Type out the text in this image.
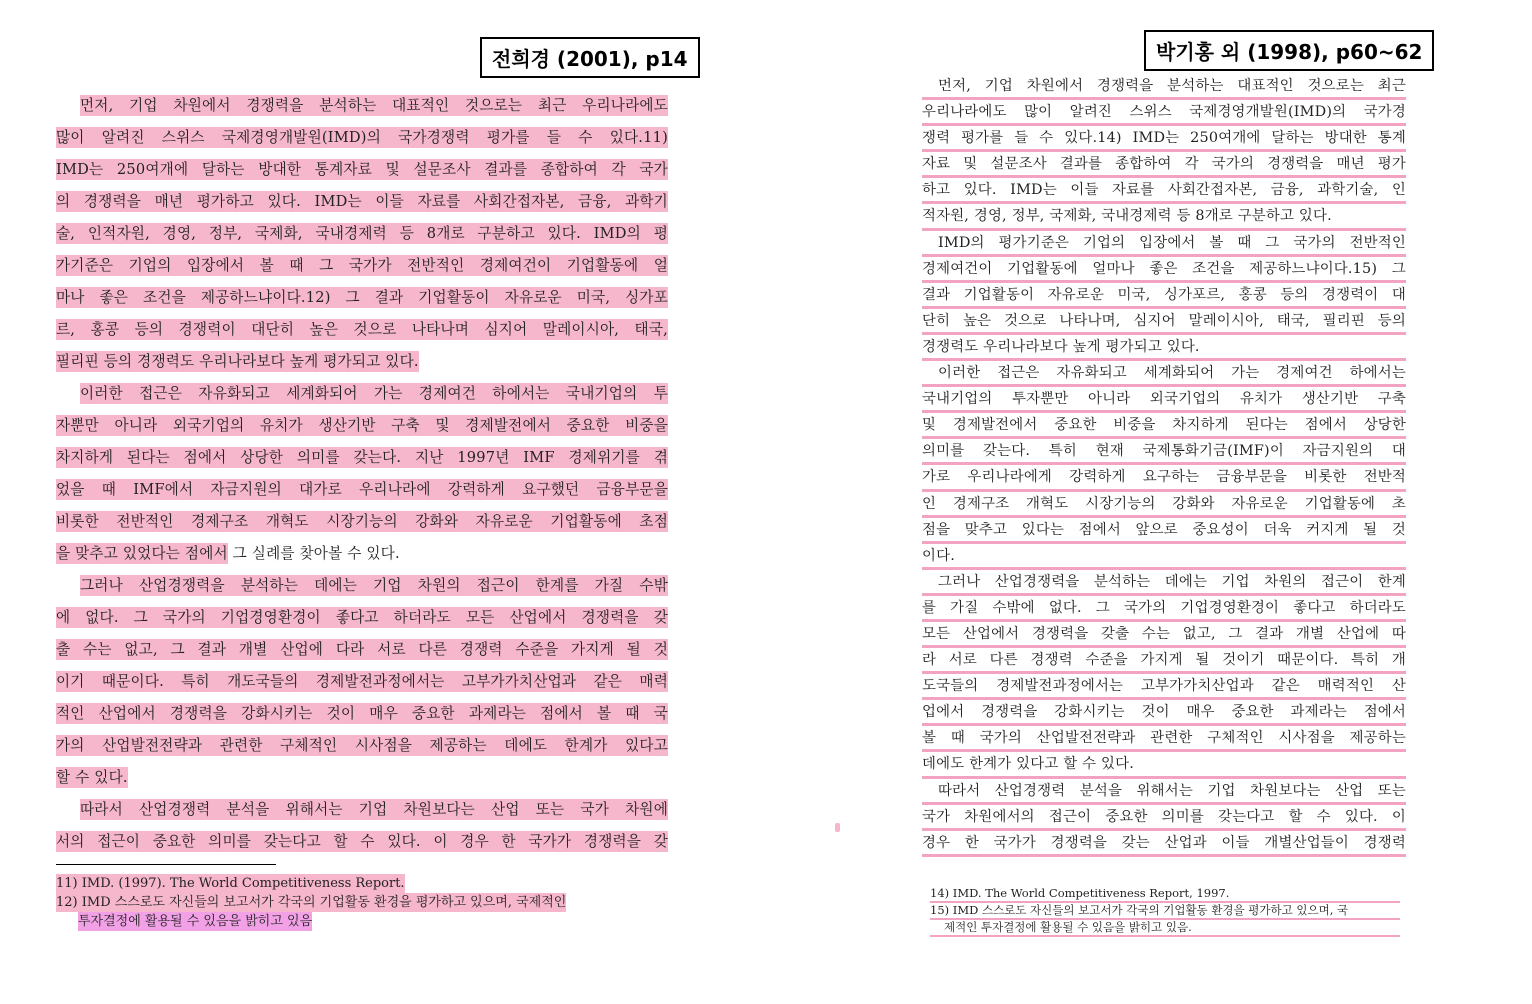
전희경 (2001), p14	박기홍 외 (1998), p60~62
먼저, 기업 차원에서 경쟁력을 분석하는 대표적인 것으로는 최근 우리나라에도
많이 알려진 스위스 국제경영개발원(IMD)의 국가경쟁력 평가를 들 수 있다.11)
IMD는 250여개에 달하는 방대한 통계자료 및 설문조사 결과를 종합하여 각 국가
의 경쟁력을 매년 평가하고 있다. IMD는 이들 자료를 사회간접자본, 금융, 과학기
술, 인적자원, 경영, 정부, 국제화, 국내경제력 등 8개로 구분하고 있다. IMD의 평
가기준은 기업의 입장에서 볼 때 그 국가가 전반적인 경제여건이 기업활동에 얼
마나 좋은 조건을 제공하느냐이다.12) 그 결과 기업활동이 자유로운 미국, 싱가포
르, 홍콩 등의 경쟁력이 대단히 높은 것으로 나타나며 심지어 말레이시아, 태국,
필리핀 등의 경쟁력도 우리나라보다 높게 평가되고 있다.
이러한 접근은 자유화되고 세계화되어 가는 경제여건 하에서는 국내기업의 투
자뿐만 아니라 외국기업의 유치가 생산기반 구축 및 경제발전에서 중요한 비중을
차지하게 된다는 점에서 상당한 의미를 갖는다. 지난 1997년 IMF 경제위기를 겪
었을 때 IMF에서 자금지원의 대가로 우리나라에 강력하게 요구했던 금융부문을
비롯한 전반적인 경제구조 개혁도 시장기능의 강화와 자유로운 기업활동에 초점
을 맞추고 있었다는 점에서 그 실례를 찾아볼 수 있다.
그러나 산업경쟁력을 분석하는 데에는 기업 차원의 접근이 한계를 가질 수밖
에 없다. 그 국가의 기업경영환경이 좋다고 하더라도 모든 산업에서 경쟁력을 갖
출 수는 없고, 그 결과 개별 산업에 다라 서로 다른 경쟁력 수준을 가지게 될 것
이기 때문이다. 특히 개도국들의 경제발전과정에서는 고부가가치산업과 같은 매력
적인 산업에서 경쟁력을 강화시키는 것이 매우 중요한 과제라는 점에서 볼 때 국
가의 산업발전전략과 관련한 구체적인 시사점을 제공하는 데에도 한계가 있다고
할 수 있다.
따라서 산업경쟁력 분석을 위해서는 기업 차원보다는 산업 또는 국가 차원에
서의 접근이 중요한 의미를 갖는다고 할 수 있다. 이 경우 한 국가가 경쟁력을 갖
11) IMD. (1997). The World Competitiveness Report.
12) IMD 스스로도 자신들의 보고서가 각국의 기업활동 환경을 평가하고 있으며, 국제적인
투자결정에 활용될 수 있음을 밝히고 있음
먼저, 기업 차원에서 경쟁력을 분석하는 대표적인 것으로는 최근
우리나라에도 많이 알려진 스위스 국제경영개발원(IMD)의 국가경
쟁력 평가를 들 수 있다.14) IMD는 250여개에 달하는 방대한 통계
자료 및 설문조사 결과를 종합하여 각 국가의 경쟁력을 매년 평가
하고 있다. IMD는 이들 자료를 사회간접자본, 금융, 과학기술, 인
적자원, 경영, 정부, 국제화, 국내경제력 등 8개로 구분하고 있다.
IMD의 평가기준은 기업의 입장에서 볼 때 그 국가의 전반적인
경제여건이 기업활동에 얼마나 좋은 조건을 제공하느냐이다.15) 그
결과 기업활동이 자유로운 미국, 싱가포르, 홍콩 등의 경쟁력이 대
단히 높은 것으로 나타나며, 심지어 말레이시아, 태국, 필리핀 등의
경쟁력도 우리나라보다 높게 평가되고 있다.
이러한 접근은 자유화되고 세계화되어 가는 경제여건 하에서는
국내기업의 투자뿐만 아니라 외국기업의 유치가 생산기반 구축
및 경제발전에서 중요한 비중을 차지하게 된다는 점에서 상당한
의미를 갖는다. 특히 현재 국제통화기금(IMF)이 자금지원의 대
가로 우리나라에게 강력하게 요구하는 금융부문을 비롯한 전반적
인 경제구조 개혁도 시장기능의 강화와 자유로운 기업활동에 초
점을 맞추고 있다는 점에서 앞으로 중요성이 더욱 커지게 될 것
이다.
그러나 산업경쟁력을 분석하는 데에는 기업 차원의 접근이 한계
를 가질 수밖에 없다. 그 국가의 기업경영환경이 좋다고 하더라도
모든 산업에서 경쟁력을 갖출 수는 없고, 그 결과 개별 산업에 따
라 서로 다른 경쟁력 수준을 가지게 될 것이기 때문이다. 특히 개
도국들의 경제발전과정에서는 고부가가치산업과 같은 매력적인 산
업에서 경쟁력을 강화시키는 것이 매우 중요한 과제라는 점에서
볼 때 국가의 산업발전전략과 관련한 구체적인 시사점을 제공하는
데에도 한계가 있다고 할 수 있다.
따라서 산업경쟁력 분석을 위해서는 기업 차원보다는 산업 또는
국가 차원에서의 접근이 중요한 의미를 갖는다고 할 수 있다. 이
경우 한 국가가 경쟁력을 갖는 산업과 이들 개별산업들이 경쟁력
14) IMD. The World Competitiveness Report, 1997.
15) IMD 스스로도 자신들의 보고서가 각국의 기업활동 환경을 평가하고 있으며, 국
제적인 투자결정에 활용될 수 있음을 밝히고 있음.
